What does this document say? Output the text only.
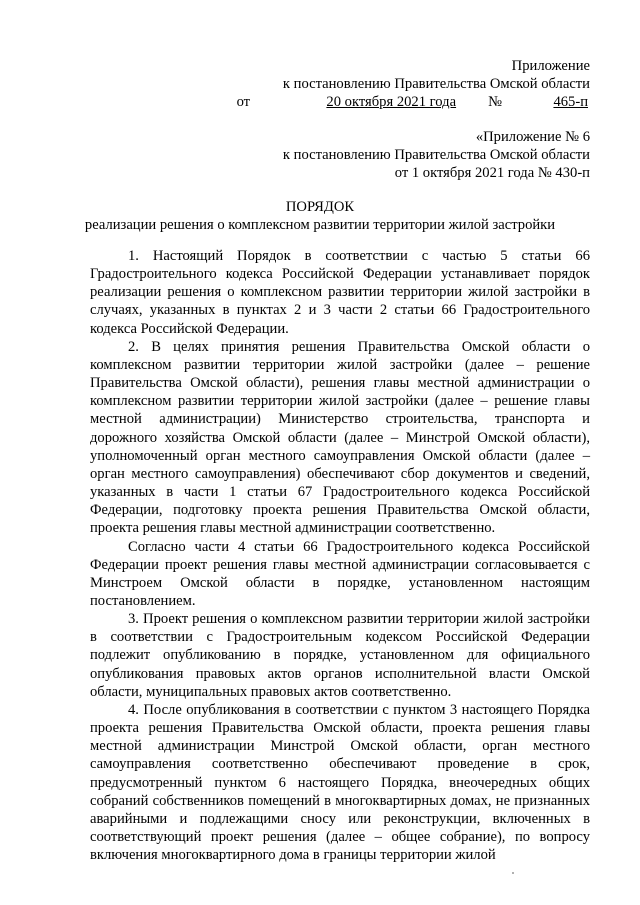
Приложение
к постановлению Правительства Омской области
от	20 октября 2021 года №	465-п
«Приложение № 6
к постановлению Правительства Омской области
от 1 октября 2021 года № 430-п
ПОРЯДОК
реализации решения о комплексном развитии территории жилой застройки

1. Настоящий Порядок в соответствии с частью 5 статьи 66 Градостроительного кодекса Российской Федерации устанавливает порядок реализации решения о комплексном развитии территории жилой застройки в случаях, указанных в пунктах 2 и 3 части 2 статьи 66 Градостроительного кодекса Российской Федерации.

2. В целях принятия решения Правительства Омской области о комплексном развитии территории жилой застройки (далее – решение Правительства Омской области), решения главы местной администрации о комплексном развитии территории жилой застройки (далее – решение главы местной администрации) Министерство строительства, транспорта и дорожного хозяйства Омской области (далее – Минстрой Омской области), уполномоченный орган местного самоуправления Омской области (далее – орган местного самоуправления) обеспечивают сбор документов и сведений, указанных в части 1 статьи 67 Градостроительного кодекса Российской Федерации, подготовку проекта решения Правительства Омской области, проекта решения главы местной администрации соответственно.

Согласно части 4 статьи 66 Градостроительного кодекса Российской Федерации проект решения главы местной администрации согласовывается с Минстроем Омской области в порядке, установленном настоящим постановлением.

3. Проект решения о комплексном развитии территории жилой застройки в соответствии с Градостроительным кодексом Российской Федерации подлежит опубликованию в порядке, установленном для официального опубликования правовых актов органов исполнительной власти Омской области, муниципальных правовых актов соответственно.

4. После опубликования в соответствии с пунктом 3 настоящего Порядка проекта решения Правительства Омской области, проекта решения главы местной администрации Минстрой Омской области, орган местного самоуправления соответственно обеспечивают проведение в срок, предусмотренный пунктом 6 настоящего Порядка, внеочередных общих собраний собственников помещений в многоквартирных домах, не признанных аварийными и подлежащими сносу или реконструкции, включенных в соответствующий проект решения (далее – общее собрание), по вопросу включения многоквартирного дома в границы территории жилой
